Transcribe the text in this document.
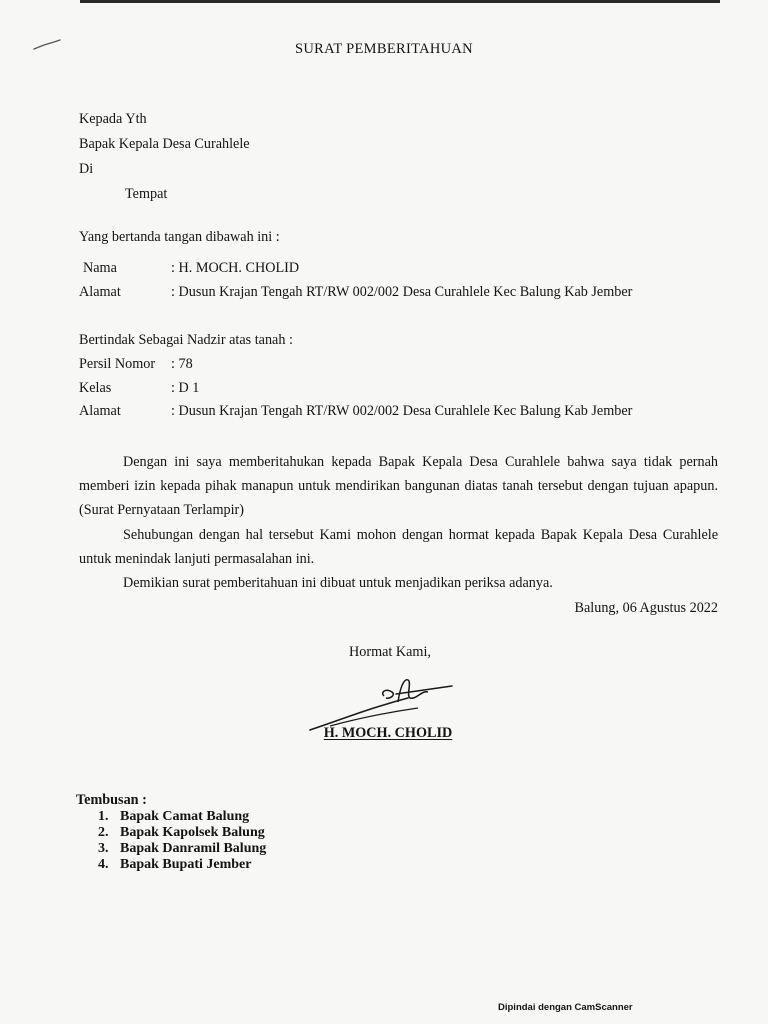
SURAT PEMBERITAHUAN
Kepada Yth
Bapak Kepala Desa Curahlele
Di
Tempat
Yang bertanda tangan dibawah ini :
Nama	: H. MOCH. CHOLID
Alamat	: Dusun Krajan Tengah RT/RW 002/002 Desa Curahlele Kec Balung Kab Jember
Bertindak Sebagai Nadzir atas tanah :
Persil Nomor : 78
Kelas	: D 1
Alamat	: Dusun Krajan Tengah RT/RW 002/002 Desa Curahlele Kec Balung Kab Jember
Dengan ini saya memberitahukan kepada Bapak Kepala Desa Curahlele bahwa saya tidak pernah memberi izin kepada pihak manapun untuk mendirikan bangunan diatas tanah tersebut dengan tujuan apapun. (Surat Pernyataan Terlampir)
Sehubungan dengan hal tersebut Kami mohon dengan hormat kepada Bapak Kepala Desa Curahlele untuk menindak lanjuti permasalahan ini.
Demikian surat pemberitahuan ini dibuat untuk menjadikan periksa adanya.
Balung, 06 Agustus 2022
Hormat Kami,
H. MOCH. CHOLID
Tembusan :
1. Bapak Camat Balung
2. Bapak Kapolsek Balung
3. Bapak Danramil Balung
4. Bapak Bupati Jember
Dipindai dengan CamScanner
